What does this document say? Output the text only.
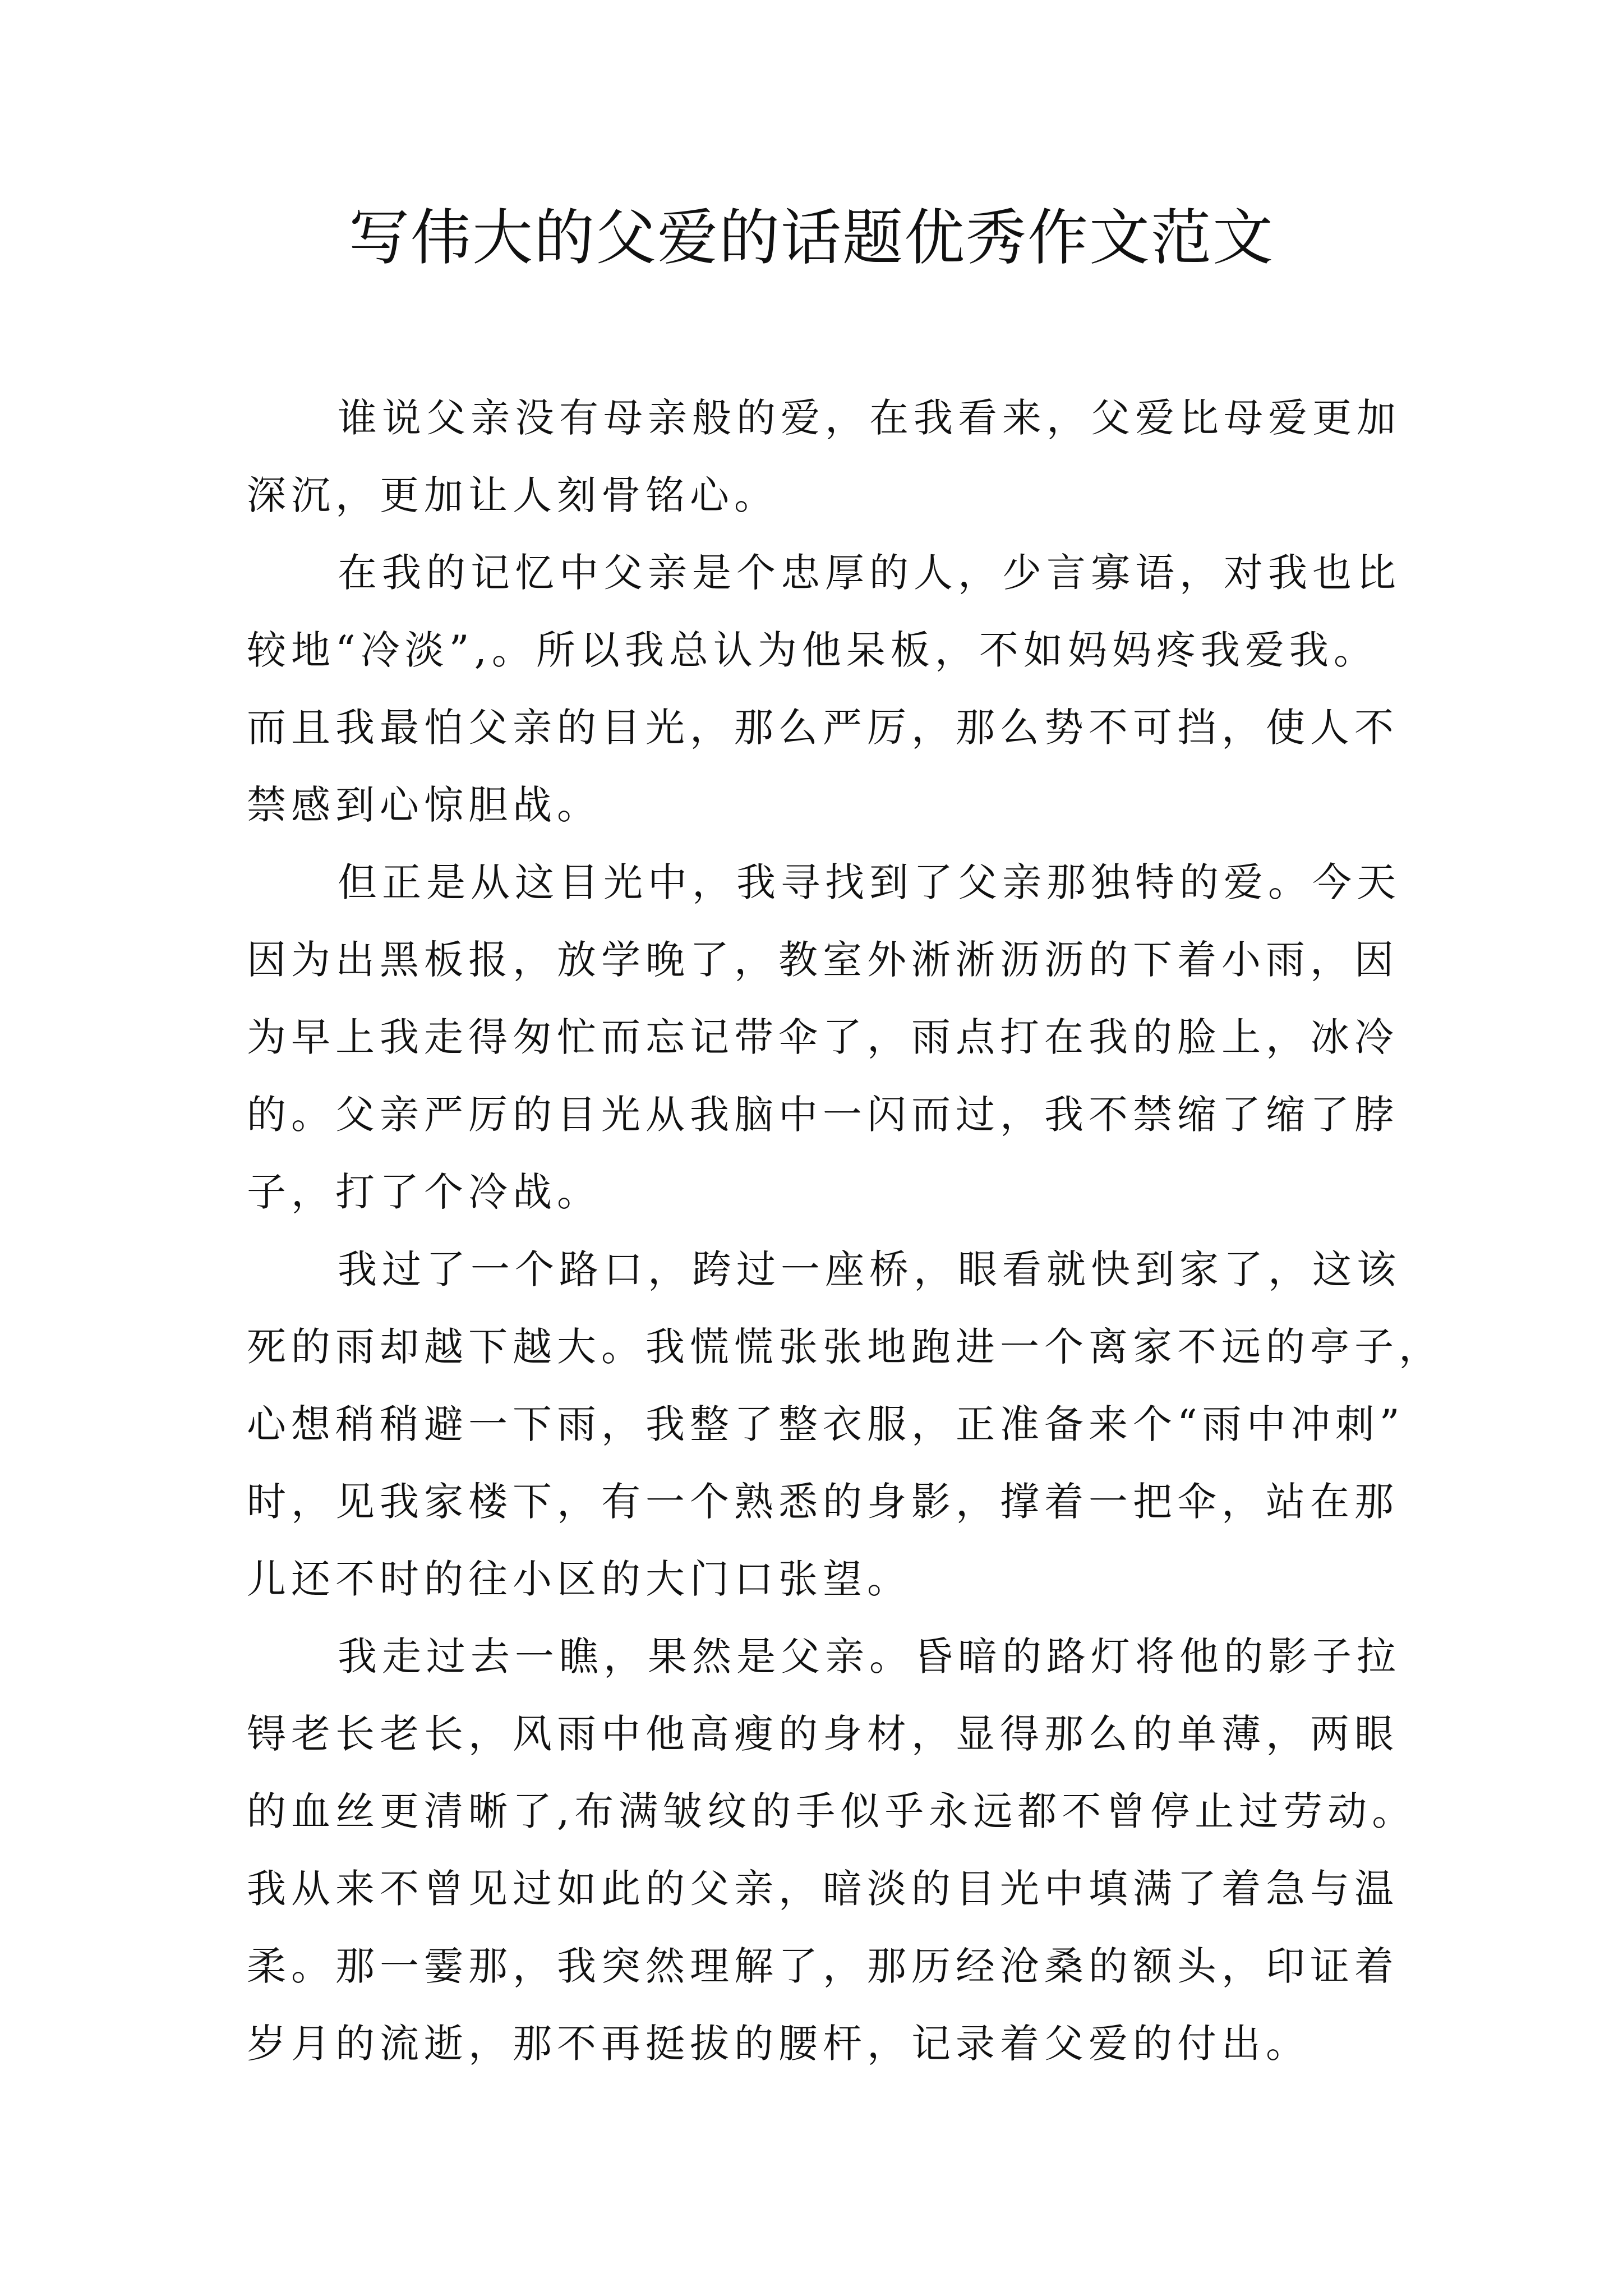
写伟大的父爱的话题优秀作文范文

谁说父亲没有母亲般的爱，在我看来，父爱比母爱更加
深沉，更加让人刻骨铭心。

在我的记忆中父亲是个忠厚的人，少言寡语，对我也比
较地“冷淡”,。所以我总认为他呆板，不如妈妈疼我爱我。
而且我最怕父亲的目光，那么严厉，那么势不可挡，使人不
禁感到心惊胆战。

但正是从这目光中，我寻找到了父亲那独特的爱。今天
因为出黑板报，放学晚了，教室外淅淅沥沥的下着小雨，因
为早上我走得匆忙而忘记带伞了，雨点打在我的脸上，冰冷
的。父亲严厉的目光从我脑中一闪而过，我不禁缩了缩了脖
子，打了个冷战。

我过了一个路口，跨过一座桥，眼看就快到家了，这该
死的雨却越下越大。我慌慌张张地跑进一个离家不远的亭子，
心想稍稍避一下雨，我整了整衣服，正准备来个“雨中冲刺”
时，见我家楼下，有一个熟悉的身影，撑着一把伞，站在那
儿还不时的往小区的大门口张望。

我走过去一瞧，果然是父亲。昏暗的路灯将他的影子拉
锝老长老长，风雨中他高瘦的身材，显得那么的单薄，两眼
的血丝更清晰了,布满皱纹的手似乎永远都不曾停止过劳动。
我从来不曾见过如此的父亲，暗淡的目光中填满了着急与温
柔。那一霎那，我突然理解了，那历经沧桑的额头，印证着
岁月的流逝，那不再挺拔的腰杆，记录着父爱的付出。
